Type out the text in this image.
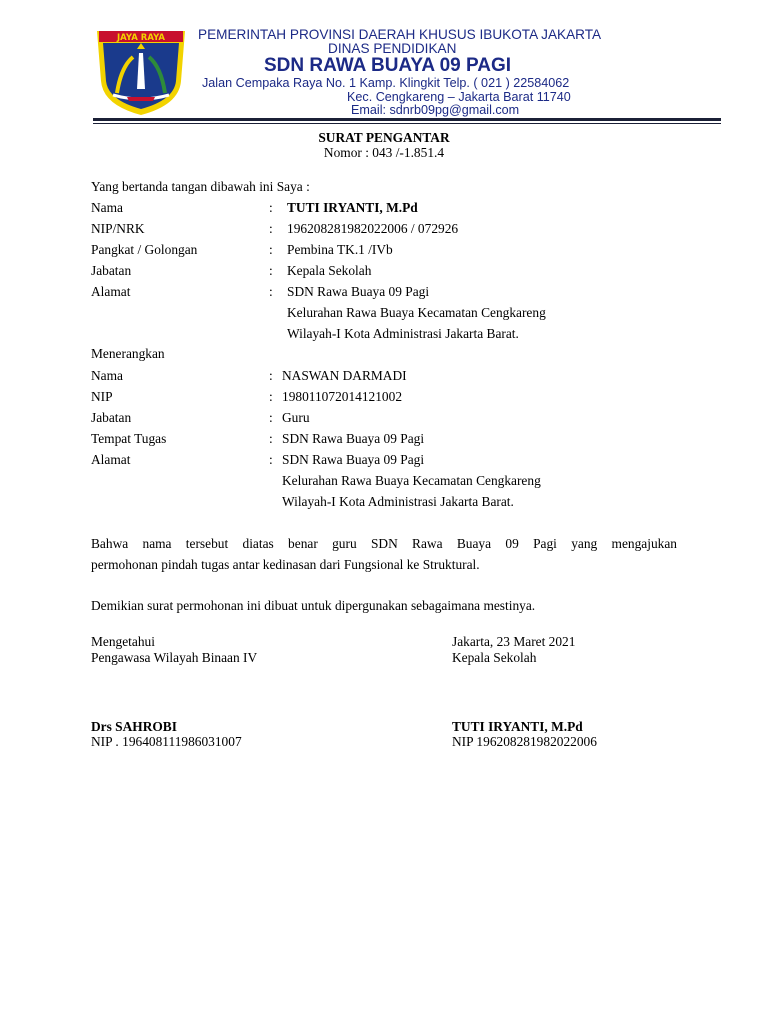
JAYA RAYA PEMERINTAH PROVINSI DAERAH KHUSUS IBUKOTA JAKARTA
DINAS PENDIDIKAN
SDN RAWA BUAYA 09 PAGI
Jalan Cempaka Raya No. 1 Kamp. Klingkit Telp. ( 021 ) 22584062
Kec. Cengkareng – Jakarta Barat 11740
Email: sdnrb09pg@gmail.com
SURAT PENGANTAR
Nomor : 043 /-1.851.4
Yang bertanda tangan dibawah ini Saya :
Nama	: TUTI IRYANTI, M.Pd
NIP/NRK	: 196208281982022006 / 072926
Pangkat / Golongan	: Pembina TK.1 /IVb
Jabatan	: Kepala Sekolah
Alamat	: SDN Rawa Buaya 09 Pagi
Kelurahan Rawa Buaya Kecamatan Cengkareng
Wilayah-I Kota Administrasi Jakarta Barat.
Menerangkan
Nama	: NASWAN DARMADI
NIP	: 198011072014121002
Jabatan	: Guru
Tempat Tugas	: SDN Rawa Buaya 09 Pagi
Alamat	: SDN Rawa Buaya 09 Pagi
Kelurahan Rawa Buaya Kecamatan Cengkareng
Wilayah-I Kota Administrasi Jakarta Barat.
Bahwa nama tersebut diatas benar guru SDN Rawa Buaya 09 Pagi yang mengajukan
permohonan pindah tugas antar kedinasan dari Fungsional ke Struktural.
Demikian surat permohonan ini dibuat untuk dipergunakan sebagaimana mestinya.
Mengetahui
Pengawasa Wilayah Binaan IV
Drs SAHROBI
NIP . 196408111986031007
Jakarta, 23 Maret 2021
Kepala Sekolah
TUTI IRYANTI, M.Pd
NIP 196208281982022006
